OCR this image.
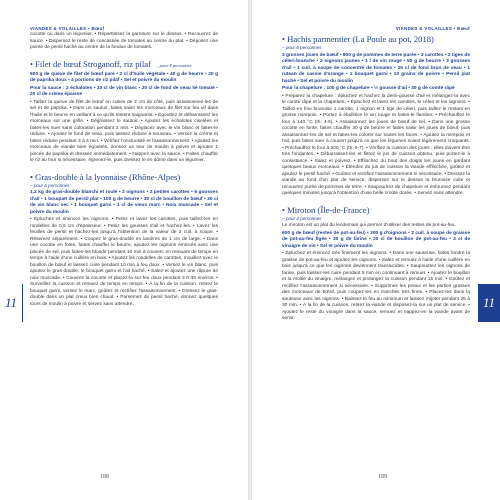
VIANDES & VOLAILLES • Bœuf

cocotte ou dans un légumier. • Réparttissez la garniture sur le dessus. • Recouvrez de sauce. • Dispersez le reste de concassée de tomates au centre du plat. • Déposez une pointe de persil haché au centre de la fondue de tomates.

• Filet de bœuf Stroganoff, riz pilaf – pour 4 personnes

600 g de queue de filet de bœuf paré • 2 cl d'huile végétale • 40 g de beurre • 20 g de paprika doux • 4 portions de riz pilaf • Sel et poivre du moulin

Pour la sauce : 2 échalotes • 10 cl de vin blanc • 20 cl de fond de veau lié tomaté • 20 cl de crème épaisse

• Taillez la queue de filet de bœuf en cubes de 2 cm de côté, puis assaisonnez-les de sel et de paprika. • Dans un sautoir, faites saisir les morceaux de filet sur feu vif dans l'huile et le beurre en veillant à ce qu'ils restent saignants. • Égouttez et débarrassez les morceaux sur une grille. • Dégraissez le sautoir. • Ajoutez les échalotes ciselées et faites-les suer sans coloration pendant 2 min. • Déglacez avec le vin blanc et faites-le réduire. • Ajoutez le fond de veau, puis laissez réduire à nouveau. • Versez la crème et faites réduire pendant 3 à 4 min. • Vérifiez l'onctuosité et l'assaisonnement. • Ajoutez les morceaux de viande bien égouttés, donnez un tour de moulin à poivre et ajoutez 1 pincée de paprika et dressez immédiatement. • Nappez avec la sauce. • Faites chauffer le riz au four si nécessaire, égrenez-le, puis dressez le en dôme dans un légumier.

• Gras-double à la lyonnaise (Rhône-Alpes)

– pour 6 personnes

1,2 kg de gras-double blanchi et roulé • 2 oignons • 2 petites carottes • 6 gousses d'ail • 1 bouquet de persil plat • 100 g de beurre • 30 cl de bouillon de bœuf • 30 cl de vin blanc sec • 1 bouquet garni • 1 cl de vieux marc • Noix muscade • Sel et poivre du moulin

• Épluchez et émincez les oignons. • Pelez et lavez les carottes, puis taillez-les en rondelles de 0,5 cm d'épaisseur. • Pelez les gousses d'ail et hachez-les. • Lavez les feuilles de persil et hachez-les jusqu'à l'obtention de la valeur de 2 cuil. à soupe. • Réservez séparément. • Coupez le gras-double en lanières de 1 cm de large. • Dans une cocotte en fonte, faites chauffer le beurre, ajoutez les oignons émincés avec une pincée de sel, puis faites-les blondir pendant 10 min à couvert, en remuant de temps en temps à l'aide d'une cuillère en bois. • Ajoutez les rondelles de carottes, mouillez avec le bouillon de bœuf et laissez cuire pendant 10 min à feu doux. • Versez le vin blanc, puis ajoutez le gras-double, le bouquet garni et l'ail haché. • Salez et ajoutez une râpure de noix muscade. • Couvrez la cocotte et placez-la sur feu doux pendant 2 h 30 environ. • Surveillez la cuisson et remuez de temps en temps. • À la fin de la cuisson, retirez le bouquet garni, versez le marc, goûtez et rectifiez l'assaisonnement. • Dressez le gras-double dans un plat creux bien chaud. • Parsemez du persil haché, donnez quelques tours de moulin à poivre et servez sans attendre.

11
188
VIANDES & VOLAILLES • Bœuf
• Hachis parmentier (La Poule au pot, 2018)

– pour 6 personnes

3 grosses joues de bœuf • 800 g de pommes de terre purée • 3 carottes • 2 tiges de céleri-branche • 2 oignons jaunes • 1 l de vin rouge • 50 g de beurre • 3 gousses d'ail • 1 cuil. à soupe de concentré de tomates • 25 cl de fond brun de veau • 1 rutean de cassie d'orange • 1 bouquet garni • 10 grains de poivre • Persil plat haché • Sel et poivre du moulin

Pour la chapelure : 100 g de chapelure • ½ gousse d'ail • 30 g de comté râpé

• Préparez la chapelure : épluchez et hachez la demi-gousse d'ail et mélangez-la avec le comté râpé et la chapelure. • Épluchez et lavez les carottes, le céleri et les oignons. • Taillez-en fine brunoise 1 carotte, 1 oignon et 1 tige de céleri, puis taillez le restant en grosse mirepoix. • Portez à ébullition le vin rouge et faites-le flamber. • Préchauffez le four à 140 °C (th. 4-5). • Assaisonnez les joues de bœuf de sel. • Dans une grosse cocotte en fonte, faites chauffer 30 g de beurre et faites saisir les joues de bœuf, puis assaisonnez-les de sel et faites-les colorer sur toutes les faces. • Ajoutez la mirepoix et l'ail, puis faites suer à couvert jusqu'à ce que les légumes soient légèrement croquants. • Préchauffez le four à 200 °C (th. 6-7). • Vérifiez la cuisson des joues : elles doivent être très fondantes. • Débarrassez-les et filtrez le jus de cuisson obtenu, puis portez-le à consistance. • Salez et poivrez. • Effilochez du bout des doigts les joues en gardant quelques beaux morceaux. • Étendez du jus de cuisson la viande effilochée, goûtez et ajoutez le persil haché. • Goûtez et rectifiez l'assaisonnement si nécessaire. • Dressez la viande au fond d'un plat de service, dispersez sur le dessus la brunoise cuite et recouvrez purée de pommes de terre. • Saupoudrez de chapelure et enfournez pendant quelques minutes jusqu'à l'obtention d'une belle croûte dorée. • Servez sans attendre.

• Miroton (Île-de-France)

– pour 4 personnes

Le miroton est un plat du lendemain qui permet d'utiliser des restes de pot-au-feu.

600 g de bœuf (restes de pot-au-feu) • 300 g d'oignons • 2 cuil. à soupe de graisse de pot-au-feu figée • 30 g de farine • 20 cl de bouillon de pot-au-feu • 3 cl de vinaigre de vin • Sel et poivre du moulin

• Épluchez et émincez très finement les oignons. • Dans une sauteuse, faites fondre la graisse de pot-au-feu et ajoutez les oignons. • Salez et remuez à l'aide d'une cuillère en bois jusqu'à ce que les oignons deviennent translucides. • Saupoudrez les oignons de farine, puis laissez-les cuire pendant 5 min en continuant à remuer. • Ajoutez le bouillon et la moitié du vinaigre, mélangez et prolongez la cuisson pendant 15 min. • Goûtez et rectifiez l'assaisonnement si nécessaire. • Supprimez les peaux et les parties grasses des morceaux de bœuf, puis coupez-les en tranches très fines. • Placez-les dans la sauteuse avec les oignons. • Baissez le feu au minimum et laissez mijoter pendant 25 à 30 min. • À la fin de la cuisson, retirez la viande et disposez-la sur un plat de service. • Ajoutez le reste du vinaigre dans la sauce, remuez et nappez-en la viande avant de servir.

11
189
